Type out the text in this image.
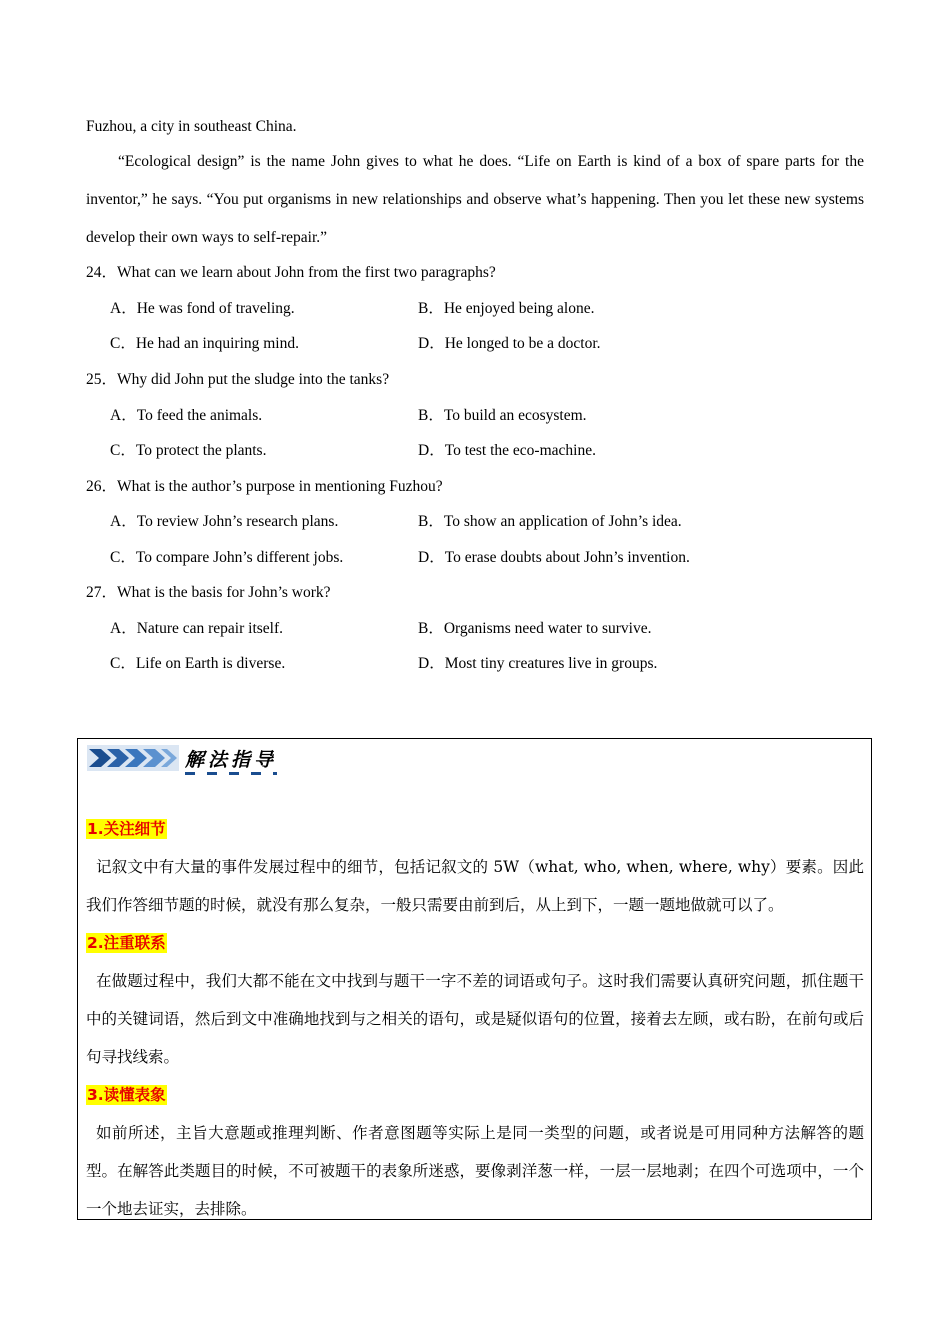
Fuzhou, a city in southeast China.
“Ecological design” is the name John gives to what he does. “Life on Earth is kind of a box of spare parts for the inventor,” he says. “You put organisms in new relationships and observe what’s happening. Then you let these new systems develop their own ways to self-repair.”
24．What can we learn about John from the first two paragraphs?
A．He was fond of traveling.	B．He enjoyed being alone.
C．He had an inquiring mind.	D．He longed to be a doctor.
25．Why did John put the sludge into the tanks?
A．To feed the animals.	B．To build an ecosystem.
C．To protect the plants.	D．To test the eco-machine.
26．What is the author’s purpose in mentioning Fuzhou?
A．To review John’s research plans.	B．To show an application of John’s idea.
C．To compare John’s different jobs.	D．To erase doubts about John’s invention.
27．What is the basis for John’s work?
A．Nature can repair itself.	B．Organisms need water to survive.
C．Life on Earth is diverse.	D．Most tiny creatures live in groups.
解法指导
1.关注细节
记叙文中有大量的事件发展过程中的细节，包括记叙文的 5W（what, who, when, where, why）要素。因此我们作答细节题的时候，就没有那么复杂，一般只需要由前到后，从上到下，一题一题地做就可以了。
2.注重联系
在做题过程中，我们大都不能在文中找到与题干一字不差的词语或句子。这时我们需要认真研究问题，抓住题干中的关键词语，然后到文中准确地找到与之相关的语句，或是疑似语句的位置，接着去左顾，或右盼，在前句或后句寻找线索。
3.读懂表象
如前所述，主旨大意题或推理判断、作者意图题等实际上是同一类型的问题，或者说是可用同种方法解答的题型。在解答此类题目的时候，不可被题干的表象所迷惑，要像剥洋葱一样，一层一层地剥；在四个可选项中，一个一个地去证实，去排除。
